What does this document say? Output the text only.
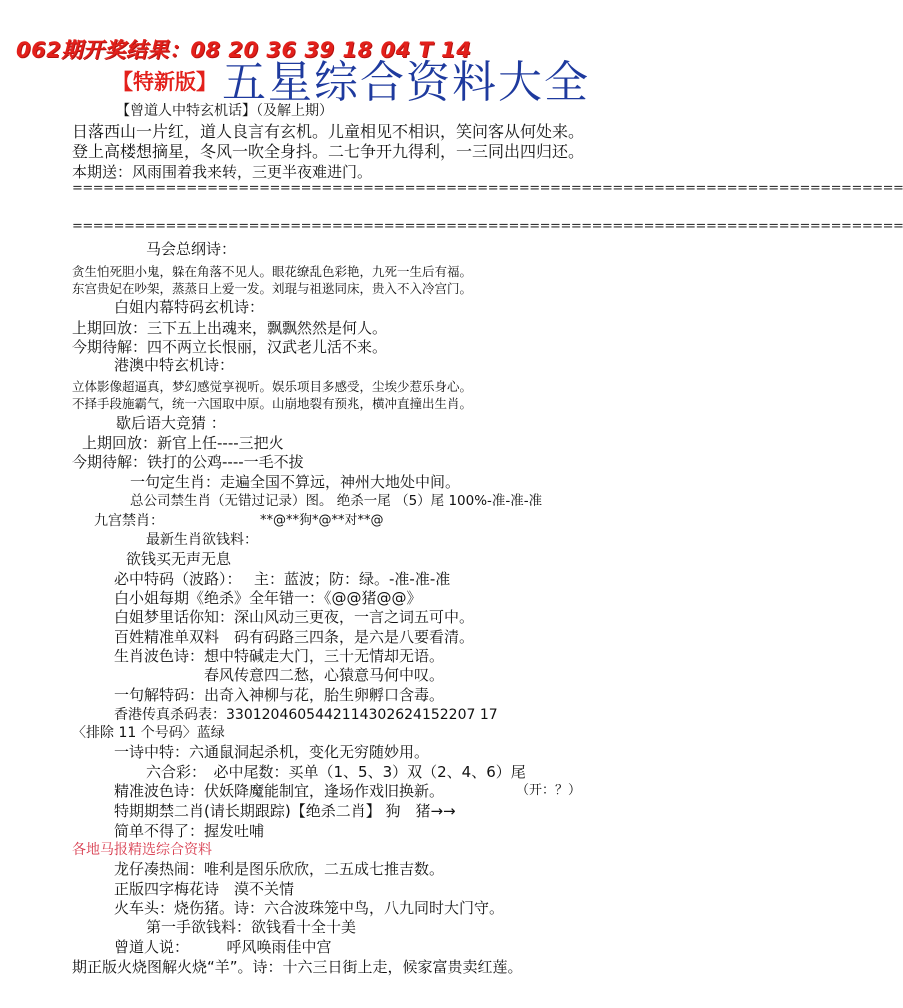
062期开奖结果：08 20 36 39 18 04 T 14
【特新版】 五星综合资料大全
【曾道人中特玄机话】（及解上期）
日落西山一片红，道人良言有玄机。儿童相见不相识，笑问客从何处来。
登上高楼想摘星，冬风一吹全身抖。二七争开九得利，一三同出四归还。
本期送：风雨围着我来转，三更半夜难进门。
================================================================================
================================================================================
马会总纲诗：
贪生怕死胆小鬼，躲在角落不见人。眼花缭乱色彩艳，九死一生后有福。
东宫贵妃在吵架，蒸蒸日上爱一发。刘琨与祖逖同床，贵入不入冷宫门。
白姐内幕特码玄机诗：
上期回放：三下五上出魂来，飘飘然然是何人。
今期待解：四不两立长恨丽，汉武老儿活不来。
港澳中特玄机诗：
立体影像超逼真，梦幻感觉享视听。娱乐项目多感受，尘埃少惹乐身心。
不择手段施霸气，统一六国取中原。山崩地裂有预兆，横冲直撞出生肖。
歇后语大竞猜 ：
上期回放：新官上任----三把火
今期待解：铁打的公鸡----一毛不拔
一句定生肖：走遍全国不算远，神州大地处中间。
总公司禁生肖（无错过记录）图。 绝杀一尾 （5）尾 100%-准-准-准
九宫禁肖：	**@**狗*@**对**@
最新生肖欲钱料：
欲钱买无声无息
必中特码（波路）： 主：蓝波；防：绿。-准-准-准
白小姐每期《绝杀》全年错一：《@@猪@@》
白姐梦里话你知：深山风动三更夜，一言之词五可中。
百姓精准单双料　码有码路三四条，是六是八要看清。
生肖波色诗：想中特碱走大门，三十无情却无语。
春风传意四二愁，心猿意马何中叹。
一句解特码：出奇入神柳与花，胎生卵孵口含毒。
香港传真杀码表：3301204605442114302624152207 17
〈排除 11 个号码〉蓝绿
一诗中特：六通鼠洞起杀机，变化无穷随妙用。
六合彩：　必中尾数：买单（1、5、3）双（2、4、6）尾
精准波色诗：伏妖降魔能制宜，逢场作戏旧换新。	（开：？）
特期期禁二肖(请长期跟踪)【绝杀二肖】 狗　猪→→
简单不得了：握发吐哺
各地马报精选综合资料
龙仔凑热闹：唯利是图乐欣欣，二五成七推吉数。
正版四字梅花诗　漠不关情
火车头：烧伤猪。诗：六合波珠笼中鸟，八九同时大门守。
第一手欲钱料：欲钱看十全十美
曾道人说：　　　呼风唤雨佳中宫
期正版火烧图解火烧“羊”。诗：十六三日街上走，候家富贵卖红莲。
